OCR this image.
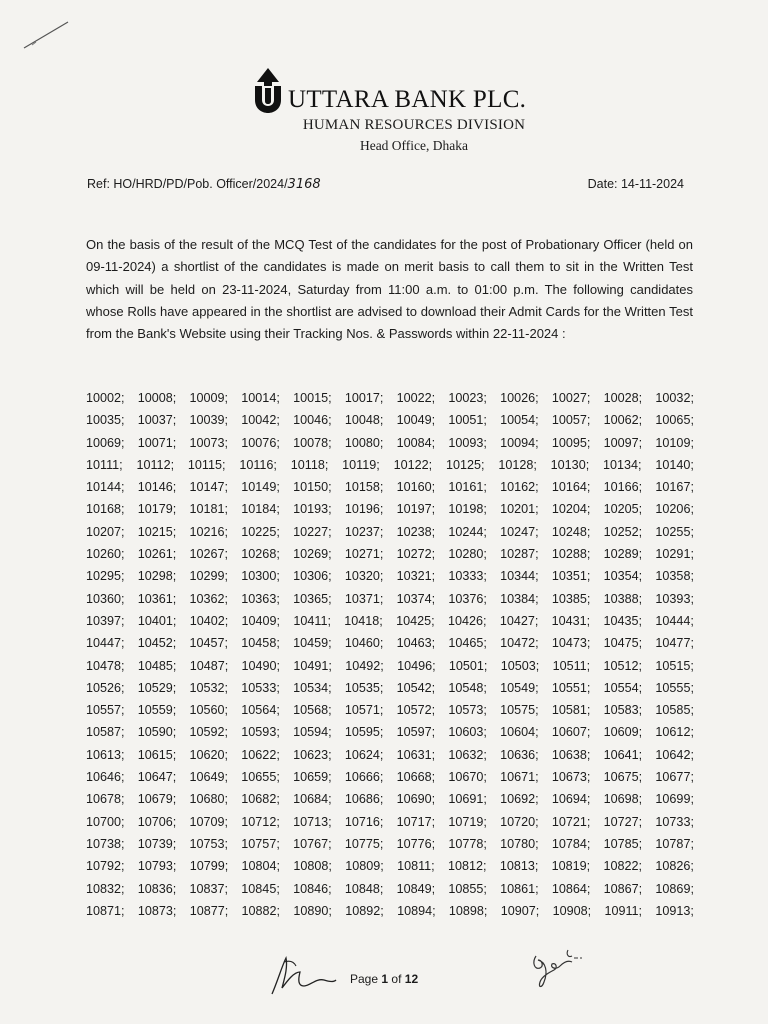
UTTARA BANK PLC.
HUMAN RESOURCES DIVISION
Head Office, Dhaka
Ref: HO/HRD/PD/Pob. Officer/2024/3168	Date: 14-11-2024
On the basis of the result of the MCQ Test of the candidates for the post of Probationary Officer (held on 09-11-2024) a shortlist of the candidates is made on merit basis to call them to sit in the Written Test which will be held on 23-11-2024, Saturday from 11:00 a.m. to 01:00 p.m. The following candidates whose Rolls have appeared in the shortlist are advised to download their Admit Cards for the Written Test from the Bank's Website using their Tracking Nos. & Passwords within 22-11-2024 :
10002; 10008; 10009; 10014; 10015; 10017; 10022; 10023; 10026; 10027; 10028; 10032;
10035; 10037; 10039; 10042; 10046; 10048; 10049; 10051; 10054; 10057; 10062; 10065;
10069; 10071; 10073; 10076; 10078; 10080; 10084; 10093; 10094; 10095; 10097; 10109;
10111; 10112; 10115; 10116; 10118; 10119; 10122; 10125; 10128; 10130; 10134; 10140;
10144; 10146; 10147; 10149; 10150; 10158; 10160; 10161; 10162; 10164; 10166; 10167;
10168; 10179; 10181; 10184; 10193; 10196; 10197; 10198; 10201; 10204; 10205; 10206;
10207; 10215; 10216; 10225; 10227; 10237; 10238; 10244; 10247; 10248; 10252; 10255;
10260; 10261; 10267; 10268; 10269; 10271; 10272; 10280; 10287; 10288; 10289; 10291;
10295; 10298; 10299; 10300; 10306; 10320; 10321; 10333; 10344; 10351; 10354; 10358;
10360; 10361; 10362; 10363; 10365; 10371; 10374; 10376; 10384; 10385; 10388; 10393;
10397; 10401; 10402; 10409; 10411; 10418; 10425; 10426; 10427; 10431; 10435; 10444;
10447; 10452; 10457; 10458; 10459; 10460; 10463; 10465; 10472; 10473; 10475; 10477;
10478; 10485; 10487; 10490; 10491; 10492; 10496; 10501; 10503; 10511; 10512; 10515;
10526; 10529; 10532; 10533; 10534; 10535; 10542; 10548; 10549; 10551; 10554; 10555;
10557; 10559; 10560; 10564; 10568; 10571; 10572; 10573; 10575; 10581; 10583; 10585;
10587; 10590; 10592; 10593; 10594; 10595; 10597; 10603; 10604; 10607; 10609; 10612;
10613; 10615; 10620; 10622; 10623; 10624; 10631; 10632; 10636; 10638; 10641; 10642;
10646; 10647; 10649; 10655; 10659; 10666; 10668; 10670; 10671; 10673; 10675; 10677;
10678; 10679; 10680; 10682; 10684; 10686; 10690; 10691; 10692; 10694; 10698; 10699;
10700; 10706; 10709; 10712; 10713; 10716; 10717; 10719; 10720; 10721; 10727; 10733;
10738; 10739; 10753; 10757; 10767; 10775; 10776; 10778; 10780; 10784; 10785; 10787;
10792; 10793; 10799; 10804; 10808; 10809; 10811; 10812; 10813; 10819; 10822; 10826;
10832; 10836; 10837; 10845; 10846; 10848; 10849; 10855; 10861; 10864; 10867; 10869;
10871; 10873; 10877; 10882; 10890; 10892; 10894; 10898; 10907; 10908; 10911; 10913;
Page 1 of 12
